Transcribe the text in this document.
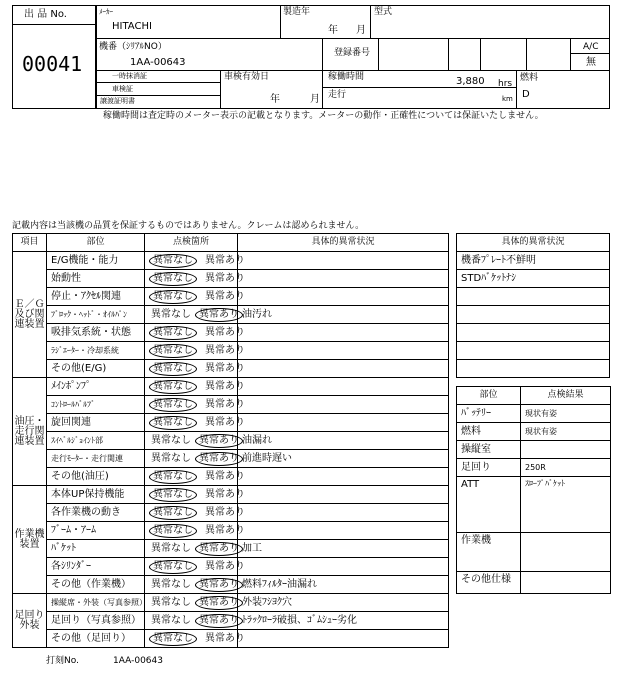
出 品 No.
00041
ﾒｰｶｰ
HITACHI
製造年
年 月
型式
機番（ｼﾘｱﾙNO）
1AA-00643
登録番号
A/C
無
一時抹消証
車検証
譲渡証明書
車検有効日
年	月
稼働時間	3,880 hrs
走行	km
燃料
D
稼働時間は査定時のメーター表示の記載となります。メーターの動作・正確性については保証いたしません。
記載内容は当該機の品質を保証するものではありません。クレームは認められません。
項目	部位	点検箇所	具体的異常状況
Ｅ／Ｇ及び関連装置	E/G機能・能力	異常なし 異常あり	
	始動性	異常なし 異常あり	
	停止・ｱｸｾﾙ関連	異常なし 異常あり	
	ﾌﾞﾛｯｸ・ﾍｯﾄﾞ・ｵｲﾙﾊﾟﾝ	異常なし 異常あり	油汚れ
	吸排気系統・状態	異常なし 異常あり	
	ﾗｼﾞｴｰﾀｰ・冷却系統	異常なし 異常あり	
	その他(E/G)	異常なし 異常あり	
油圧・走行関連装置	ﾒｲﾝﾎﾟﾝﾌﾟ	異常なし 異常あり	
	ｺﾝﾄﾛｰﾙﾊﾞﾙﾌﾞ	異常なし 異常あり	
	旋回関連	異常なし 異常あり	
	ｽｲﾍﾞﾙｼﾞｮｲﾝﾄ部	異常なし 異常あり	油漏れ
	走行ﾓｰﾀｰ・走行関連	異常なし 異常あり	前進時遅い
	その他(油圧)	異常なし 異常あり	
作業機装置	本体UP保持機能	異常なし 異常あり	
	各作業機の動き	異常なし 異常あり	
	ﾌﾞｰﾑ・ｱｰﾑ	異常なし 異常あり	
	ﾊﾞｹｯﾄ	異常なし 異常あり	加工
	各ｼﾘﾝﾀﾞｰ	異常なし 異常あり	
	その他（作業機）	異常なし 異常あり	燃料ﾌｨﾙﾀｰ油漏れ
足回り外装	操縦席・外装（写真参照）	異常なし 異常あり	外装ﾌｼﾖｸ穴
	足回り（写真参照）	異常なし 異常あり	ﾄﾗｯｸﾛｰﾗ破損、ｺﾞﾑｼｭｰ劣化
	その他（足回り）	異常なし 異常あり	
具体的異常状況
機番ﾌﾟﾚｰﾄ不鮮明
STDﾊﾞｹｯﾄﾅｼ

部位	点検結果
ﾊﾞｯﾃﾘｰ	現状有姿
燃料	現状有姿
操縦室	
足回り	250R
ATT	ｽﾛｰﾌﾟﾊﾞｹｯﾄ
作業機	
その他仕様	
打刻No.	1AA-00643
